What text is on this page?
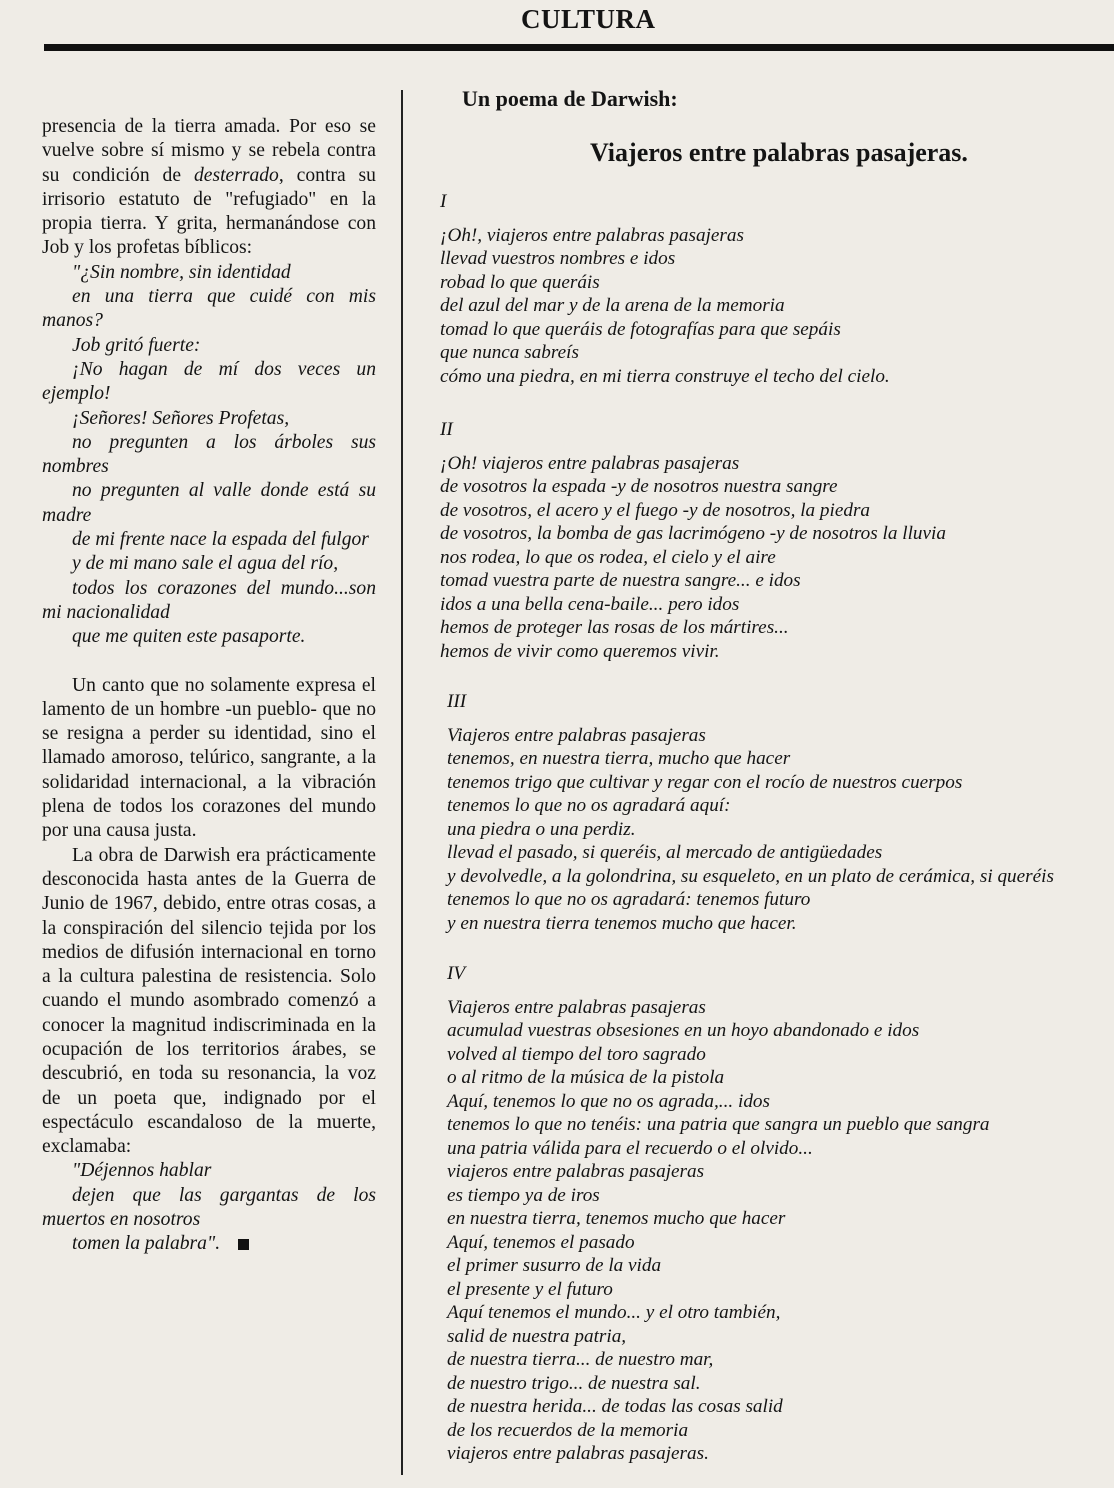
CULTURA

presencia de la tierra amada. Por eso se vuelve sobre sí mismo y se rebela contra su condición de desterrado, contra su irrisorio estatuto de "refugiado" en la propia tierra. Y grita, hermanándose con Job y los profetas bíblicos:

"¿Sin nombre, sin identidad

en una tierra que cuidé con mis manos?

Job gritó fuerte:

¡No hagan de mí dos veces un ejemplo!

¡Señores! Señores Profetas,

no pregunten a los árboles sus nombres

no pregunten al valle donde está su madre

de mi frente nace la espada del fulgor

y de mi mano sale el agua del río,

todos los corazones del mundo...son mi nacionalidad

que me quiten este pasaporte.

Un canto que no solamente expresa el lamento de un hombre -un pueblo- que no se resigna a perder su identidad, sino el llamado amoroso, telúrico, sangrante, a la solidaridad internacional, a la vibración plena de todos los corazones del mundo por una causa justa.

La obra de Darwish era prácticamente desconocida hasta antes de la Guerra de Junio de 1967, debido, entre otras cosas, a la conspiración del silencio tejida por los medios de difusión internacional en torno a la cultura palestina de resistencia. Solo cuando el mundo asombrado comenzó a conocer la magnitud indiscriminada en la ocupación de los territorios árabes, se descubrió, en toda su resonancia, la voz de un poeta que, indignado por el espectáculo escandaloso de la muerte, exclamaba:

"Déjennos hablar

dejen que las gargantas de los muertos en nosotros

tomen la palabra".

Un poema de Darwish:
Viajeros entre palabras pasajeras.
I
¡Oh!, viajeros entre palabras pasajeras
llevad vuestros nombres e idos
robad lo que queráis
del azul del mar y de la arena de la memoria
tomad lo que queráis de fotografías para que sepáis
que nunca sabreís
cómo una piedra, en mi tierra construye el techo del cielo.
II
¡Oh! viajeros entre palabras pasajeras
de vosotros la espada -y de nosotros nuestra sangre
de vosotros, el acero y el fuego -y de nosotros, la piedra
de vosotros, la bomba de gas lacrimógeno -y de nosotros la lluvia
nos rodea, lo que os rodea, el cielo y el aire
tomad vuestra parte de nuestra sangre... e idos
idos a una bella cena-baile... pero idos
hemos de proteger las rosas de los mártires...
hemos de vivir como queremos vivir.
III
Viajeros entre palabras pasajeras
tenemos, en nuestra tierra, mucho que hacer
tenemos trigo que cultivar y regar con el rocío de nuestros cuerpos
tenemos lo que no os agradará aquí:
una piedra o una perdiz.
llevad el pasado, si queréis, al mercado de antigüedades
y devolvedle, a la golondrina, su esqueleto, en un plato de cerámica, si queréis
tenemos lo que no os agradará: tenemos futuro
y en nuestra tierra tenemos mucho que hacer.
IV
Viajeros entre palabras pasajeras
acumulad vuestras obsesiones en un hoyo abandonado e idos
volved al tiempo del toro sagrado
o al ritmo de la música de la pistola
Aquí, tenemos lo que no os agrada,... idos
tenemos lo que no tenéis: una patria que sangra un pueblo que sangra
una patria válida para el recuerdo o el olvido...
viajeros entre palabras pasajeras
es tiempo ya de iros
en nuestra tierra, tenemos mucho que hacer
Aquí, tenemos el pasado
el primer susurro de la vida
el presente y el futuro
Aquí tenemos el mundo... y el otro también,
salid de nuestra patria,
de nuestra tierra... de nuestro mar,
de nuestro trigo... de nuestra sal.
de nuestra herida... de todas las cosas salid
de los recuerdos de la memoria
viajeros entre palabras pasajeras.
